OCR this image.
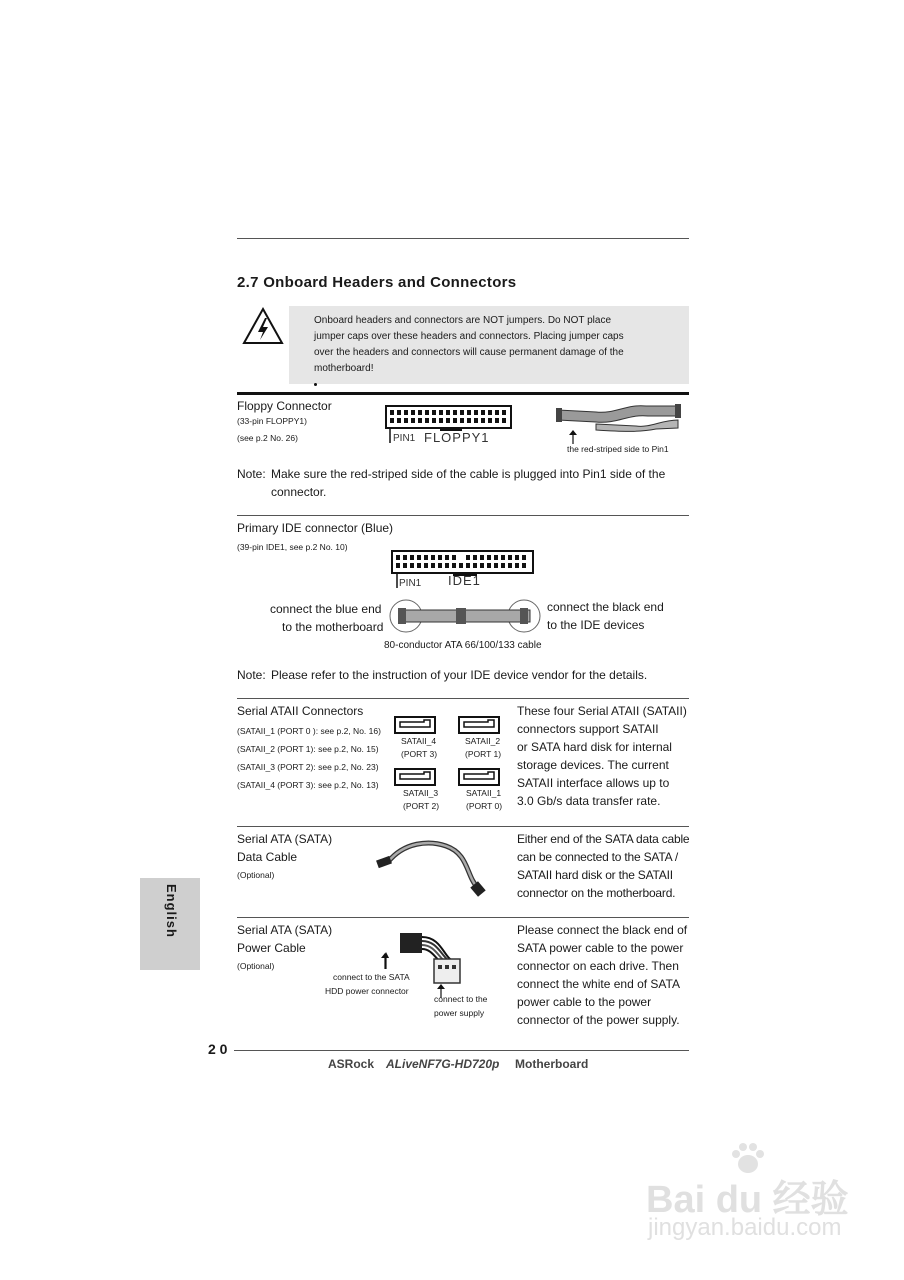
2.7 Onboard Headers and Connectors
Onboard headers and connectors are NOT jumpers. Do NOT place
jumper caps over these headers and connectors. Placing jumper caps
over the headers and connectors will cause permanent damage of the
motherboard!
Floppy Connector
(33-pin FLOPPY1)
(see p.2 No. 26)	PIN1 FLOPPY1
the red-striped side to Pin1
Note: Make sure the red-striped side of the cable is plugged into Pin1 side of the
connector.
Primary IDE connector (Blue)
(39-pin IDE1, see p.2 No. 10)
PIN1 IDE1
connect the blue end
to the motherboard
connect the black end
to the IDE devices
80-conductor ATA 66/100/133 cable
Note: Please refer to the instruction of your IDE device vendor for the details.
Serial ATAII Connectors
(SATAII_1 (PORT 0 ): see p.2, No. 16)
(SATAII_2 (PORT 1): see p.2, No. 15)
(SATAII_3 (PORT 2): see p.2, No. 23)
(SATAII_4 (PORT 3): see p.2, No. 13)
SATAII_4
(PORT 3)
SATAII_2
(PORT 1)
SATAII_3
(PORT 2)
SATAII_1
(PORT 0)
These four Serial ATAII (SATAII)
connectors support SATAII
or SATA hard disk for internal
storage devices. The current
SATAII interface allows up to
3.0 Gb/s data transfer rate.
Serial ATA (SATA)
Data Cable
(Optional)
Either end of the SATA data cable
can be connected to the SATA /
SATAII hard disk or the SATAII
connector on the motherboard.
Serial ATA (SATA)
Power Cable
(Optional)
connect to the SATA
HDD power connector
connect to the
power supply
Please connect the black end of
SATA power cable to the power
connector on each drive. Then
connect the white end of SATA
power cable to the power
connector of the power supply.
English
2 0
ASRock ALiveNF7G-HD720p Motherboard
Bai du 经验
jingyan.baidu.com
